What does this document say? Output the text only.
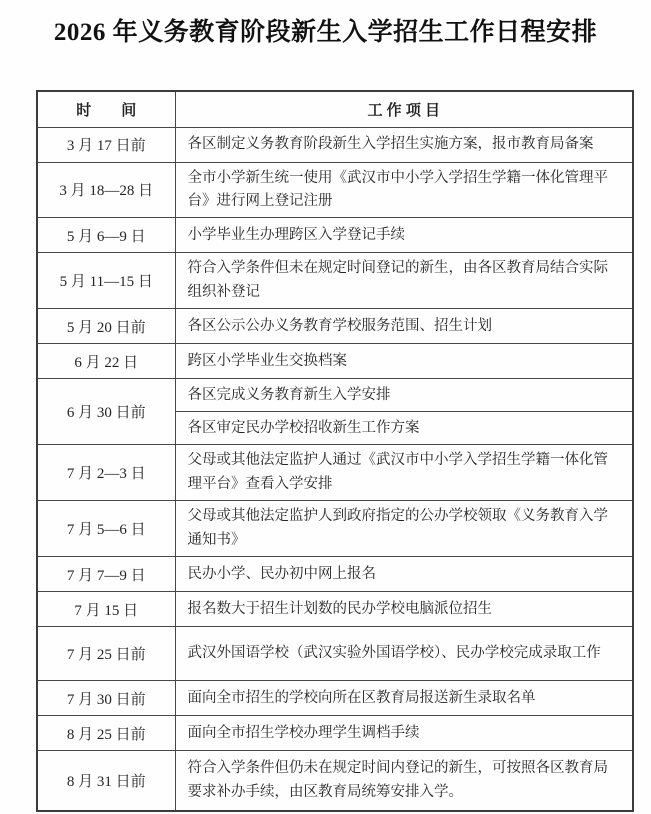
2026 年义务教育阶段新生入学招生工作日程安排
时　　间	工 作 项 目
3 月 17 日前	各区制定义务教育阶段新生入学招生实施方案，报市教育局备案
3 月 18—28 日	全市小学新生统一使用《武汉市中小学入学招生学籍一体化管理平台》进行网上登记注册
5 月 6—9 日	小学毕业生办理跨区入学登记手续
5 月 11—15 日	符合入学条件但未在规定时间登记的新生，由各区教育局结合实际组织补登记
5 月 20 日前	各区公示公办义务教育学校服务范围、招生计划
6 月 22 日	跨区小学毕业生交换档案
6 月 30 日前	各区完成义务教育新生入学安排
	各区审定民办学校招收新生工作方案
7 月 2—3 日	父母或其他法定监护人通过《武汉市中小学入学招生学籍一体化管理平台》查看入学安排
7 月 5—6 日	父母或其他法定监护人到政府指定的公办学校领取《义务教育入学通知书》
7 月 7—9 日	民办小学、民办初中网上报名
7 月 15 日	报名数大于招生计划数的民办学校电脑派位招生
7 月 25 日前	武汉外国语学校（武汉实验外国语学校）、民办学校完成录取工作
7 月 30 日前	面向全市招生的学校向所在区教育局报送新生录取名单
8 月 25 日前	面向全市招生学校办理学生调档手续
8 月 31 日前	符合入学条件但仍未在规定时间内登记的新生，可按照各区教育局要求补办手续，由区教育局统筹安排入学。
